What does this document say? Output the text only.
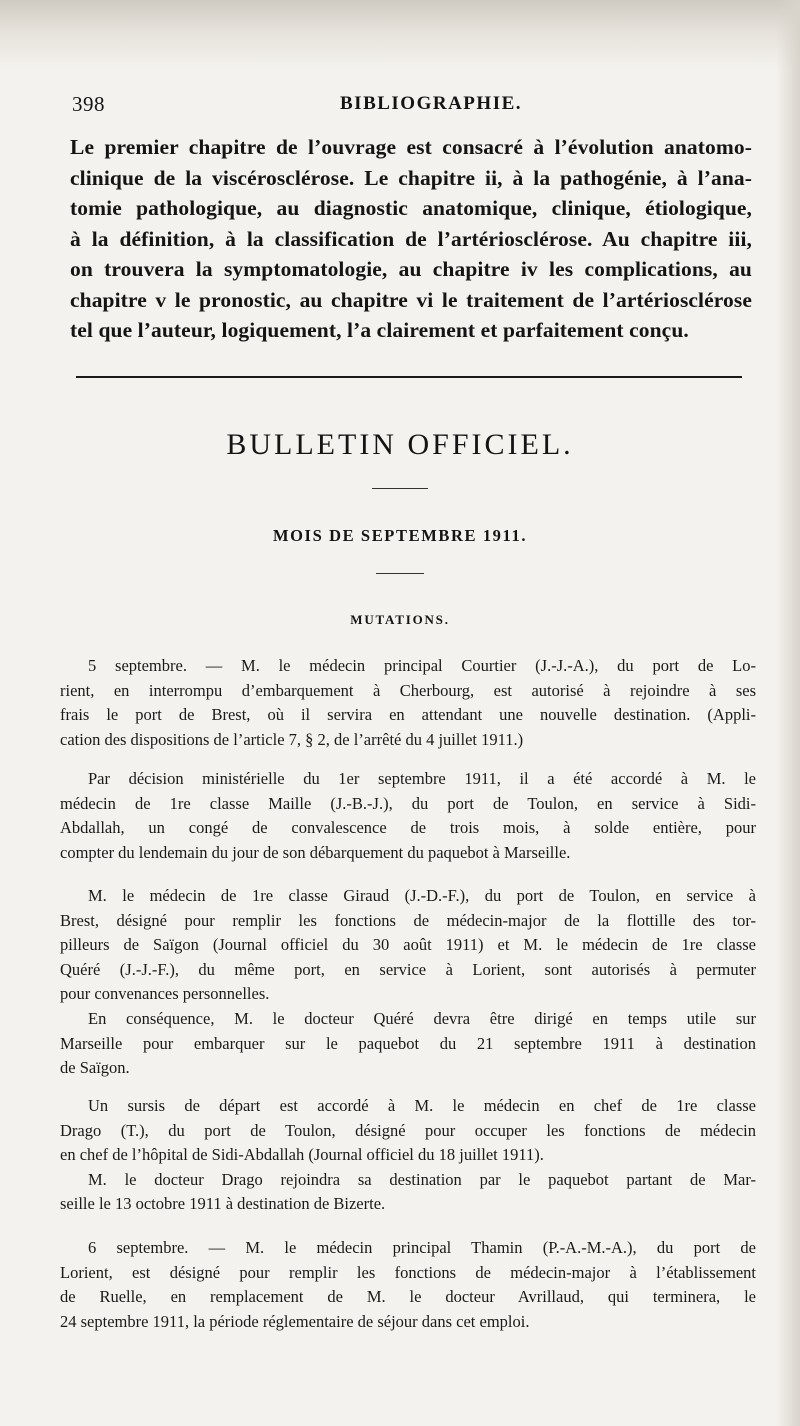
398	BIBLIOGRAPHIE.
Le premier chapitre de l’ouvrage est consacré à l’évolution anatomo-
clinique de la viscérosclérose. Le chapitre ii, à la pathogénie, à l’ana-
tomie pathologique, au diagnostic anatomique, clinique, étiologique,
à la définition, à la classification de l’artériosclérose. Au chapitre iii,
on trouvera la symptomatologie, au chapitre iv les complications, au
chapitre v le pronostic, au chapitre vi le traitement de l’artériosclérose
tel que l’auteur, logiquement, l’a clairement et parfaitement conçu.
BULLETIN OFFICIEL.
MOIS DE SEPTEMBRE 1911.
MUTATIONS.
5 septembre. — M. le médecin principal Courtier (J.-J.-A.), du port de Lo-
rient, en interrompu d’embarquement à Cherbourg, est autorisé à rejoindre à ses
frais le port de Brest, où il servira en attendant une nouvelle destination. (Appli-
cation des dispositions de l’article 7, § 2, de l’arrêté du 4 juillet 1911.)
Par décision ministérielle du 1er septembre 1911, il a été accordé à M. le
médecin de 1re classe Maille (J.-B.-J.), du port de Toulon, en service à Sidi-
Abdallah, un congé de convalescence de trois mois, à solde entière, pour
compter du lendemain du jour de son débarquement du paquebot à Marseille.
M. le médecin de 1re classe Giraud (J.-D.-F.), du port de Toulon, en service à
Brest, désigné pour remplir les fonctions de médecin-major de la flottille des tor-
pilleurs de Saïgon (Journal officiel du 30 août 1911) et M. le médecin de 1re classe
Quéré (J.-J.-F.), du même port, en service à Lorient, sont autorisés à permuter
pour convenances personnelles.
En conséquence, M. le docteur Quéré devra être dirigé en temps utile sur
Marseille pour embarquer sur le paquebot du 21 septembre 1911 à destination
de Saïgon.
Un sursis de départ est accordé à M. le médecin en chef de 1re classe
Drago (T.), du port de Toulon, désigné pour occuper les fonctions de médecin
en chef de l’hôpital de Sidi-Abdallah (Journal officiel du 18 juillet 1911).
M. le docteur Drago rejoindra sa destination par le paquebot partant de Mar-
seille le 13 octobre 1911 à destination de Bizerte.
6 septembre. — M. le médecin principal Thamin (P.-A.-M.-A.), du port de
Lorient, est désigné pour remplir les fonctions de médecin-major à l’établissement
de Ruelle, en remplacement de M. le docteur Avrillaud, qui terminera, le
24 septembre 1911, la période réglementaire de séjour dans cet emploi.
